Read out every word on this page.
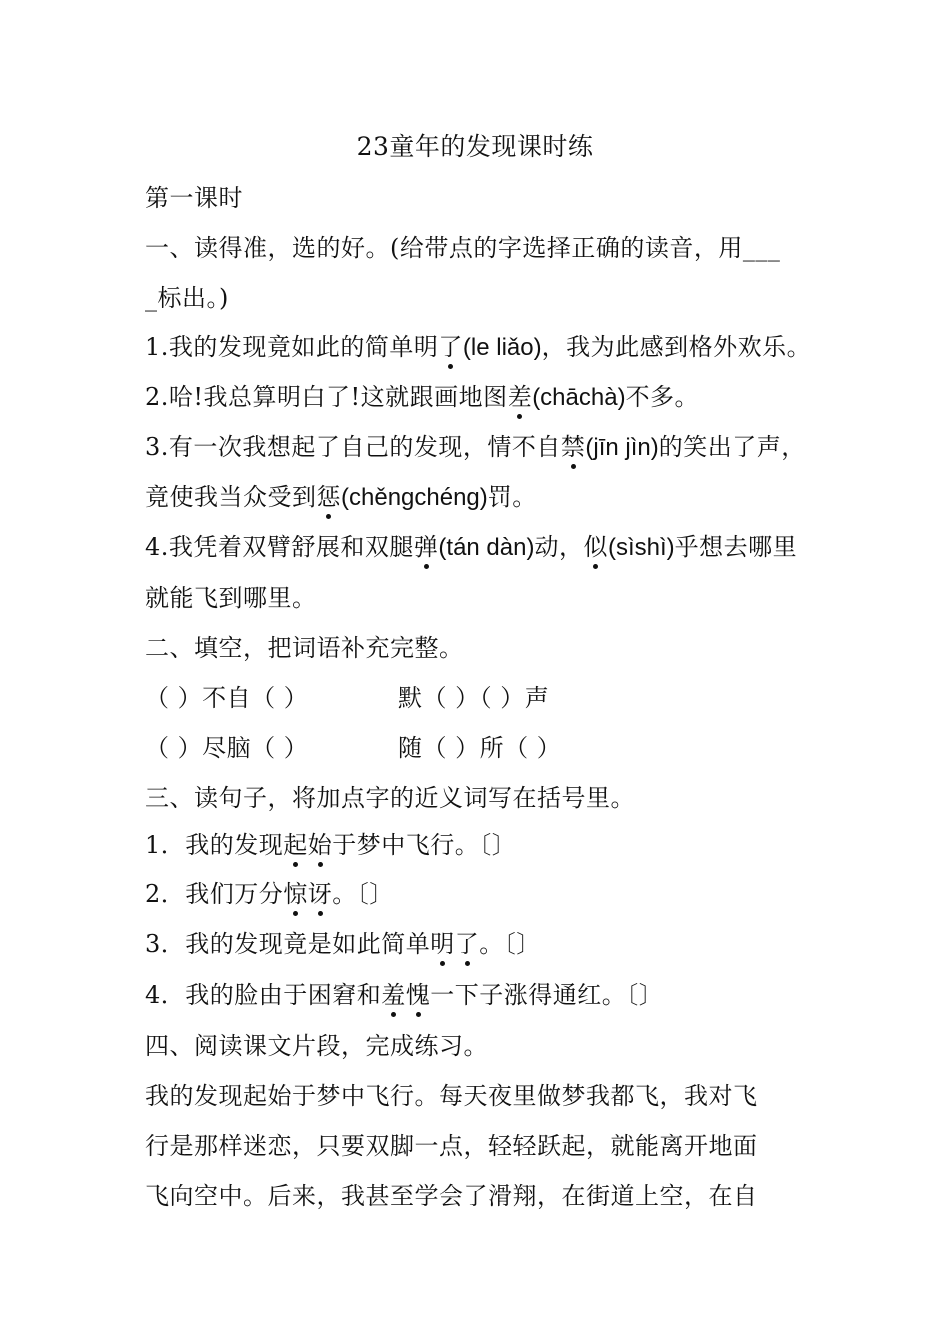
23童年的发现课时练
第一课时
一、读得准，选的好。(给带点的字选择正确的读音，用___
_标出。)
1.我的发现竟如此的简单明了(le liǎo)，我为此感到格外欢乐。
2.哈!我总算明白了!这就跟画地图差(chāchà)不多。
3.有一次我想起了自己的发现，情不自禁(jīn jìn)的笑出了声，
竟使我当众受到惩(chěngchéng)罚。
4.我凭着双臂舒展和双腿弹(tán dàn)动，似(sìshì)乎想去哪里
就能飞到哪里。
二、填空，把词语补充完整。
（ ）不自（ ）	默（ ）（ ）声
（ ）尽脑（ ）	随（ ）所（ ）
三、读句子，将加点字的近义词写在括号里。
1．我的发现起始于梦中飞行。〔〕
2．我们万分惊讶。〔〕
3．我的发现竟是如此简单明了。〔〕
4．我的脸由于困窘和羞愧一下子涨得通红。〔〕
四、阅读课文片段，完成练习。
我的发现起始于梦中飞行。每天夜里做梦我都飞，我对飞
行是那样迷恋，只要双脚一点，轻轻跃起，就能离开地面
飞向空中。后来，我甚至学会了滑翔，在街道上空，在自
